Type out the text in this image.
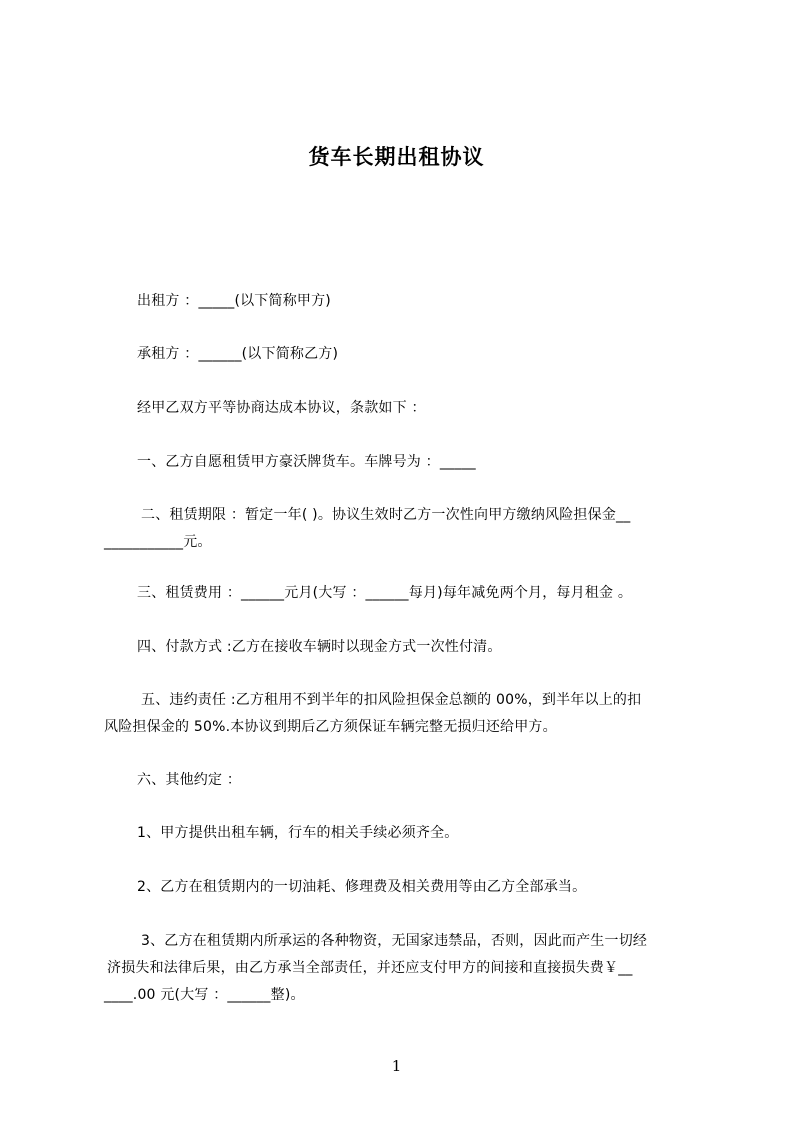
货车长期出租协议
出租方 ：_____(以下简称甲方)
承租方 ：______(以下简称乙方)
经甲乙双方平等协商达成本协议，条款如下 ：
一、乙方自愿租赁甲方豪沃牌货车。车牌号为 ：_____
二、租赁期限 ：暂定一年( )。协议生效时乙方一次性向甲方缴纳风险担保金__
___________元。
三、租赁费用 ：______元月(大写 ：______每月)每年减免两个月，每月租金 。
四、付款方式 :乙方在接收车辆时以现金方式一次性付清。
五、违约责任 :乙方租用不到半年的扣风险担保金总额的 00%，到半年以上的扣
风险担保金的 50%.本协议到期后乙方须保证车辆完整无损归还给甲方。
六、其他约定 ：
1、甲方提供出租车辆，行车的相关手续必须齐全。
2、乙方在租赁期内的一切油耗、修理费及相关费用等由乙方全部承当。
3、乙方在租赁期内所承运的各种物资，无国家违禁品，否则，因此而产生一切经
济损失和法律后果，由乙方承当全部责任，并还应支付甲方的间接和直接损失费￥__
____.00 元(大写 ：______整)。
1
